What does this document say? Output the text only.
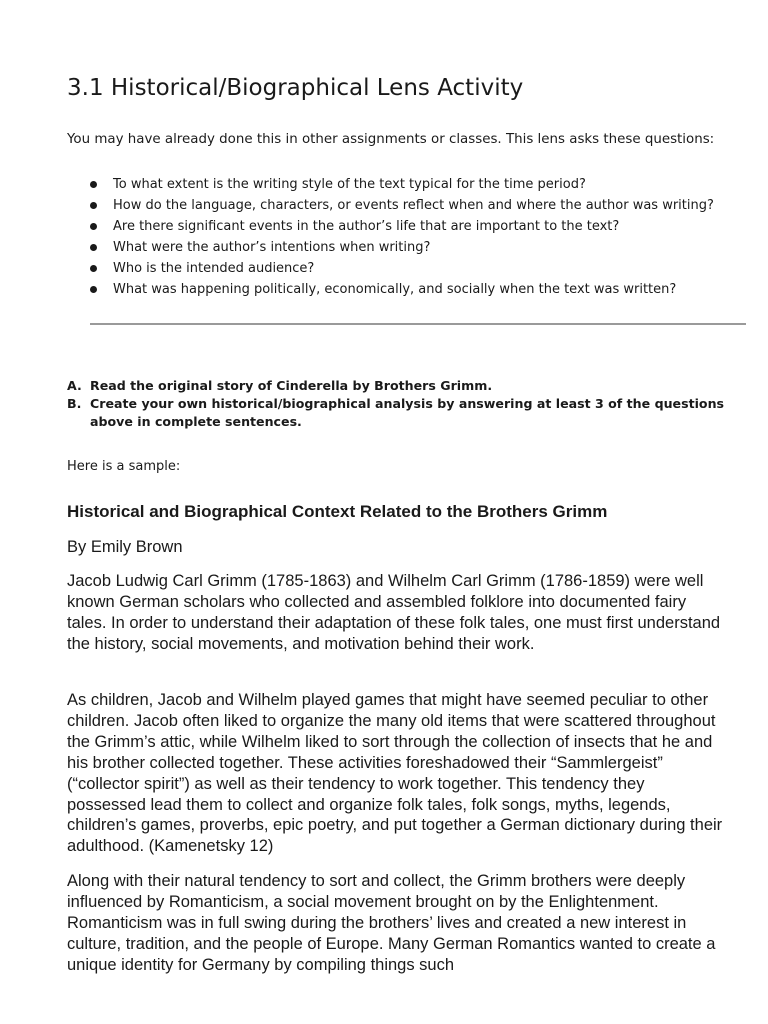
3.1 Historical/Biographical Lens Activity

You may have already done this in other assignments or classes. This lens asks these questions:

To what extent is the writing style of the text typical for the time period?
How do the language, characters, or events reflect when and where the author was writing?
Are there significant events in the author’s life that are important to the text?
What were the author’s intentions when writing?
Who is the intended audience?
What was happening politically, economically, and socially when the text was written?
A. Read the original story of Cinderella by Brothers Grimm.
B. Create your own historical/biographical analysis by answering at least 3 of the questions above in complete sentences.

Here is a sample:

Historical and Biographical Context Related to the Brothers Grimm

By Emily Brown

Jacob Ludwig Carl Grimm (1785-1863) and Wilhelm Carl Grimm (1786-1859) were well known German scholars who collected and assembled folklore into documented fairy tales. In order to understand their adaptation of these folk tales, one must first understand the history, social movements, and motivation behind their work.

As children, Jacob and Wilhelm played games that might have seemed peculiar to other children. Jacob often liked to organize the many old items that were scattered throughout the Grimm’s attic, while Wilhelm liked to sort through the collection of insects that he and his brother collected together. These activities foreshadowed their “Sammlergeist” (“collector spirit”) as well as their tendency to work together. This tendency they possessed lead them to collect and organize folk tales, folk songs, myths, legends, children’s games, proverbs, epic poetry, and put together a German dictionary during their adulthood. (Kamenetsky 12)

Along with their natural tendency to sort and collect, the Grimm brothers were deeply influenced by Romanticism, a social movement brought on by the Enlightenment. Romanticism was in full swing during the brothers’ lives and created a new interest in culture, tradition, and the people of Europe. Many German Romantics wanted to create a unique identity for Germany by compiling things such
